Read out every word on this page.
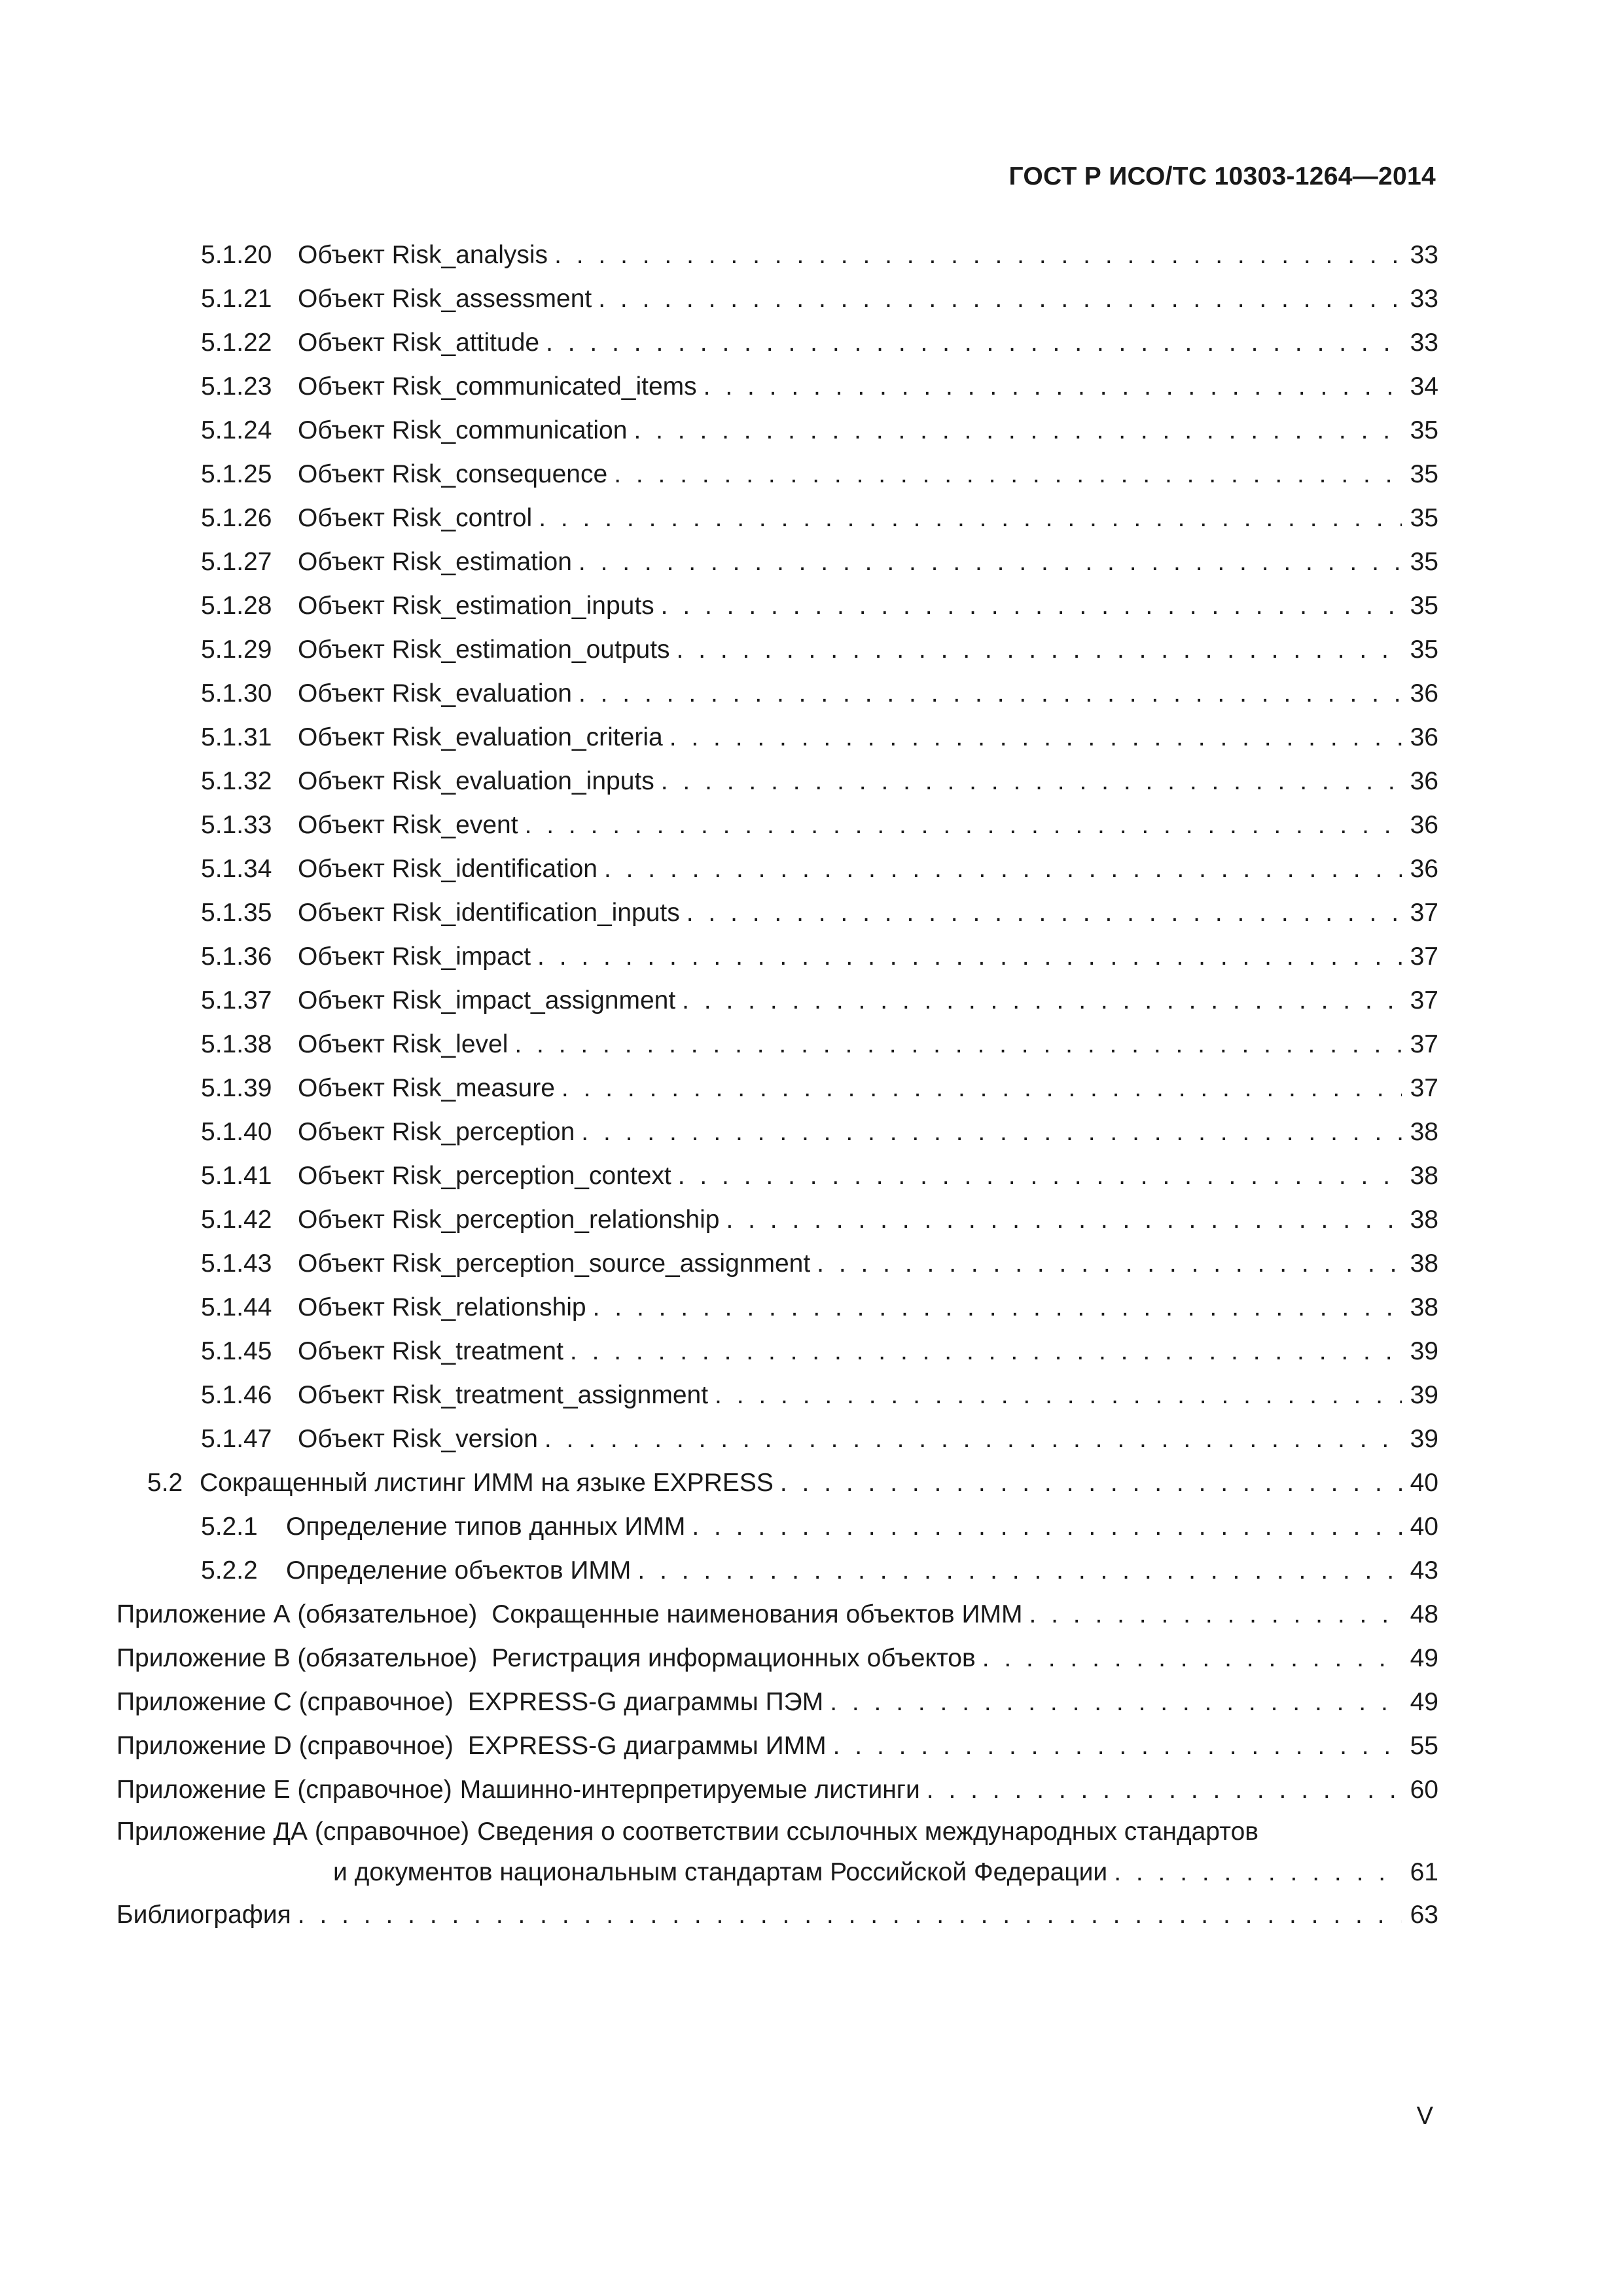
ГОСТ Р ИСО/ТС 10303-1264—2014
5.1.20 Объект Risk_analysis . . .	33
5.1.21 Объект Risk_assessment . . .	33
5.1.22 Объект Risk_attitude . . .	33
5.1.23 Объект Risk_communicated_items . . .	34
5.1.24 Объект Risk_communication . . .	35
5.1.25 Объект Risk_consequence . . .	35
5.1.26 Объект Risk_control . . .	35
5.1.27 Объект Risk_estimation . . .	35
5.1.28 Объект Risk_estimation_inputs . . .	35
5.1.29 Объект Risk_estimation_outputs . . .	35
5.1.30 Объект Risk_evaluation . . .	36
5.1.31 Объект Risk_evaluation_criteria . . .	36
5.1.32 Объект Risk_evaluation_inputs . . .	36
5.1.33 Объект Risk_event . . .	36
5.1.34 Объект Risk_identification . . .	36
5.1.35 Объект Risk_identification_inputs . . .	37
5.1.36 Объект Risk_impact . . .	37
5.1.37 Объект Risk_impact_assignment . . .	37
5.1.38 Объект Risk_level . . .	37
5.1.39 Объект Risk_measure . . .	37
5.1.40 Объект Risk_perception . . .	38
5.1.41 Объект Risk_perception_context . . .	38
5.1.42 Объект Risk_perception_relationship . . .	38
5.1.43 Объект Risk_perception_source_assignment . . .	38
5.1.44 Объект Risk_relationship . . .	38
5.1.45 Объект Risk_treatment . . .	39
5.1.46 Объект Risk_treatment_assignment . . .	39
5.1.47 Объект Risk_version . . .	39
5.2 Сокращенный листинг ИММ на языке EXPRESS . . .	40
5.2.1 Определение типов данных ИММ . . .	40
5.2.2 Определение объектов ИММ . . .	43
Приложение А (обязательное) Сокращенные наименования объектов ИММ . . .	48
Приложение В (обязательное) Регистрация информационных объектов . . .	49
Приложение С (справочное) EXPRESS-G диаграммы ПЭМ . . .	49
Приложение D (справочное) EXPRESS-G диаграммы ИММ . . .	55
Приложение Е (справочное) Машинно-интерпретируемые листинги . . .	60
Приложение ДА (справочное) Сведения о соответствии ссылочных международных стандартов
и документов национальным стандартам Российской Федерации . . .	61
Библиография . . .	63
V
